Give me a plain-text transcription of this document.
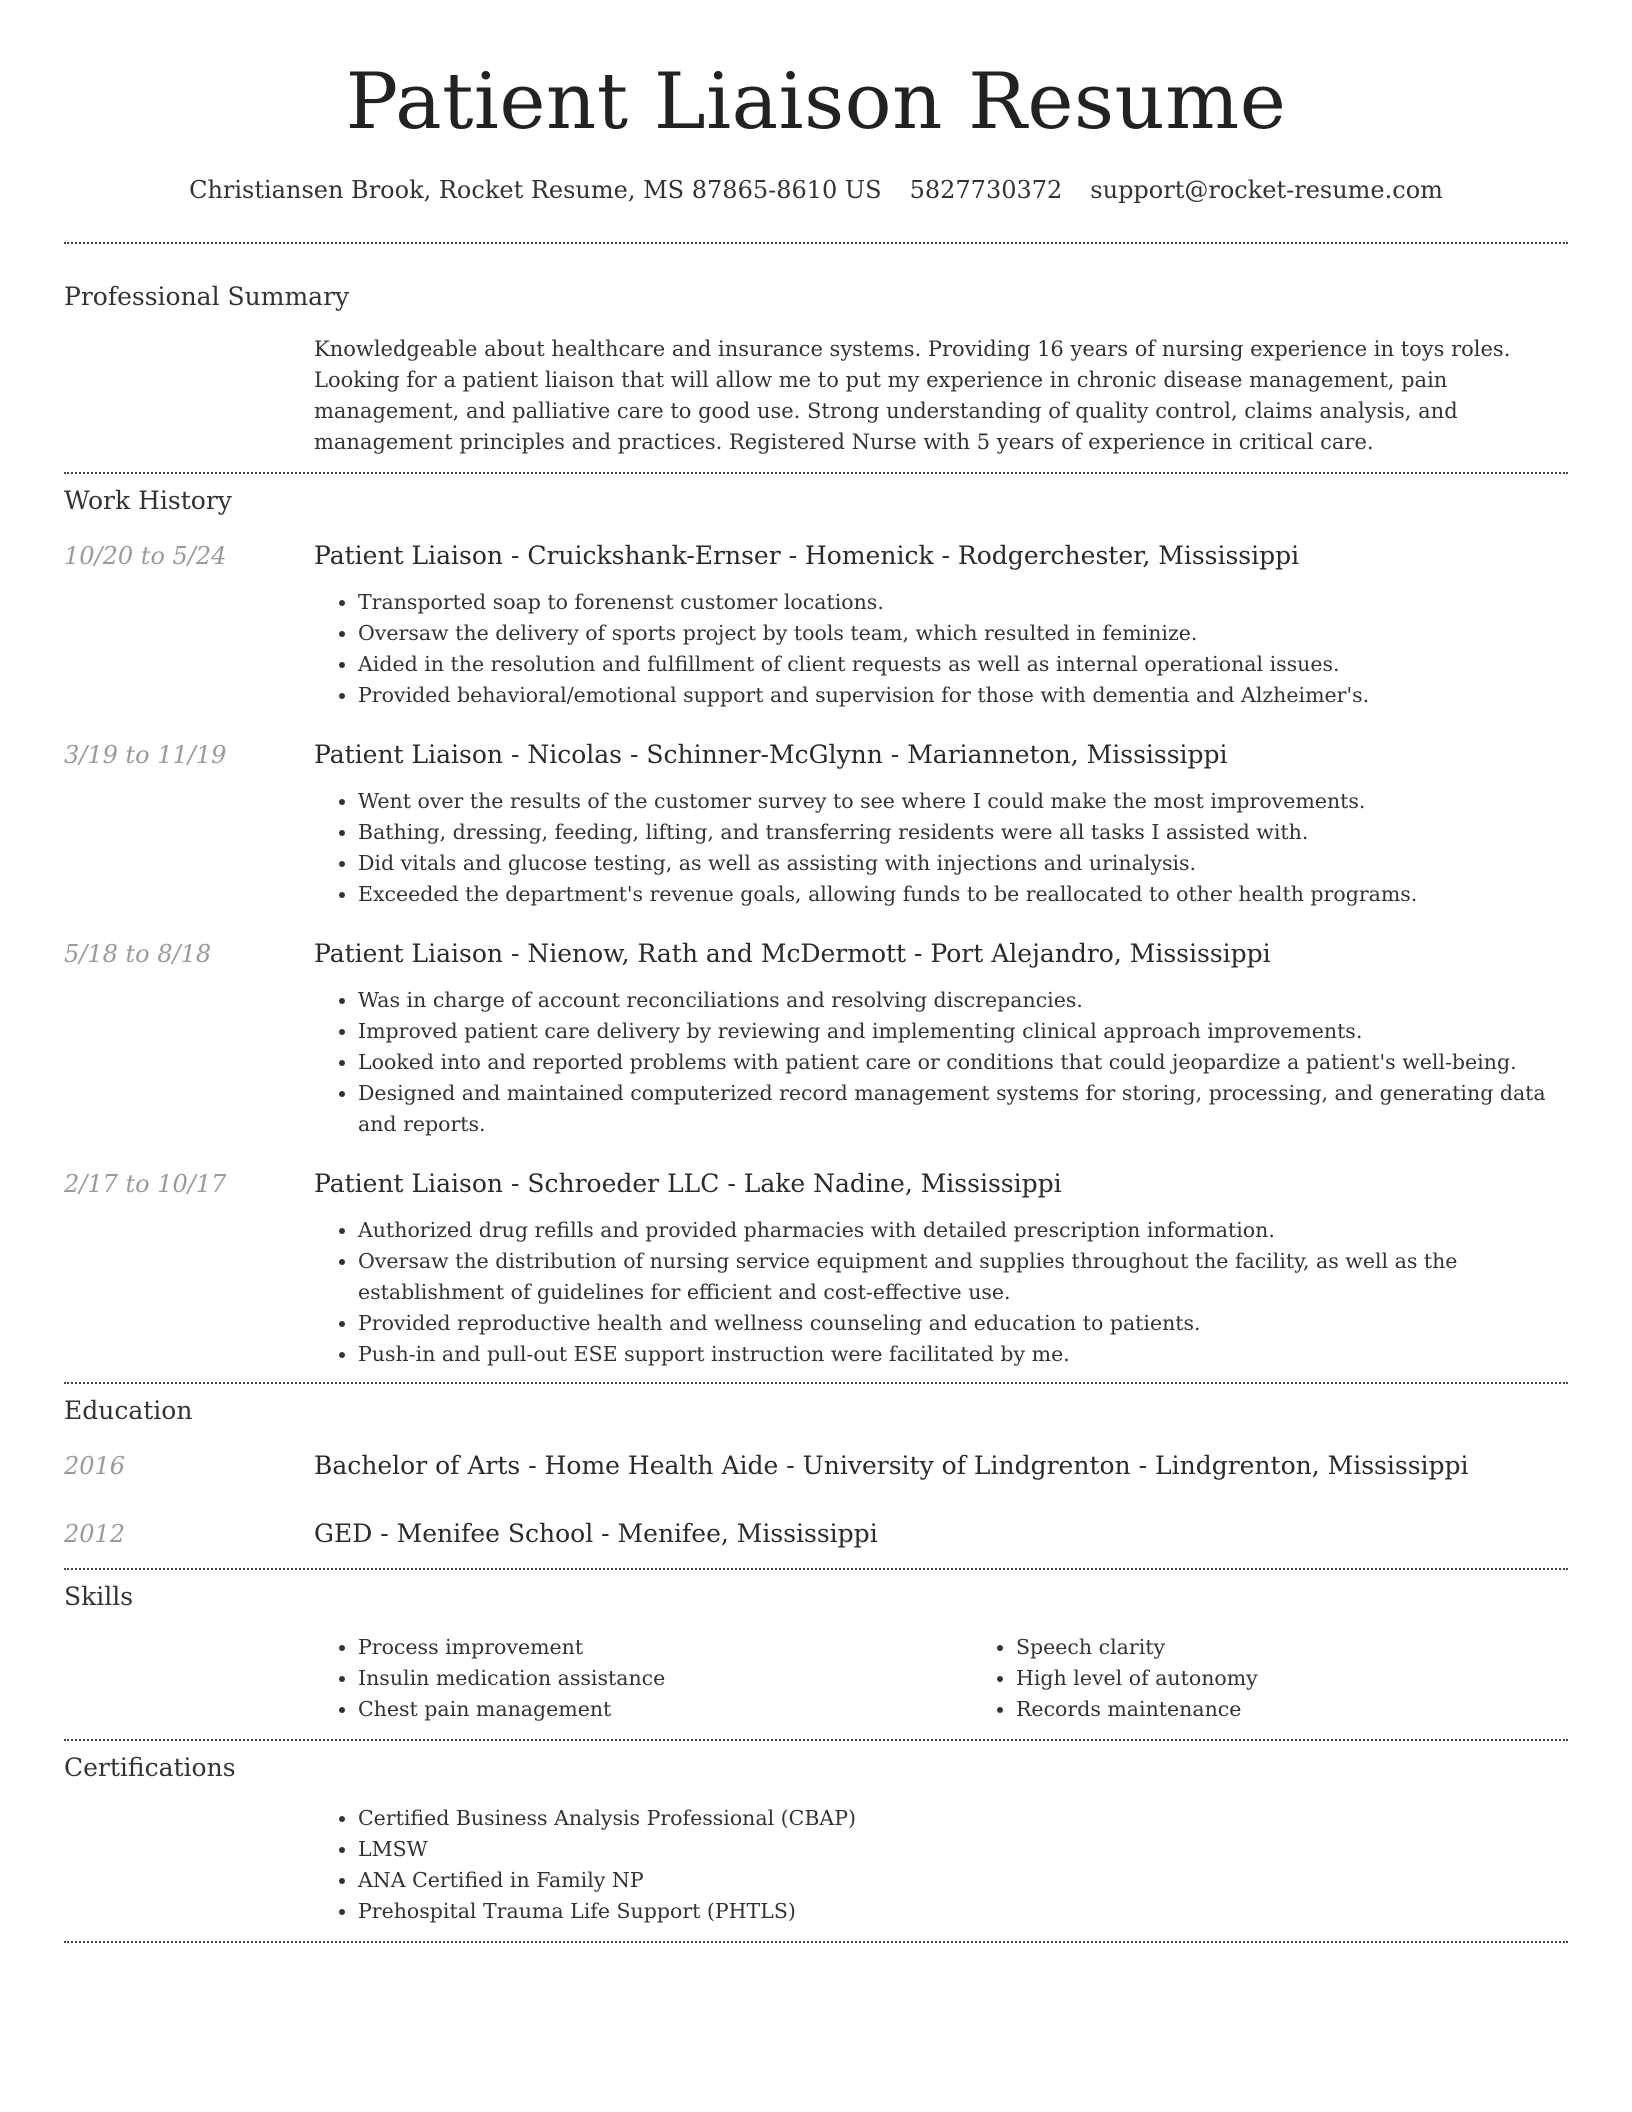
Patient Liaison Resume
Christiansen Brook, Rocket Resume, MS 87865-8610 US 5827730372 support@rocket-resume.com
Professional Summary

Knowledgeable about healthcare and insurance systems. Providing 16 years of nursing experience in toys roles. Looking for a patient liaison that will allow me to put my experience in chronic disease management, pain management, and palliative care to good use. Strong understanding of quality control, claims analysis, and management principles and practices. Registered Nurse with 5 years of experience in critical care.

Work History
10/20 to 5/24	Patient Liaison - Cruickshank-Ernser - Homenick - Rodgerchester, Mississippi
• Transported soap to forenenst customer locations.
• Oversaw the delivery of sports project by tools team, which resulted in feminize.
• Aided in the resolution and fulfillment of client requests as well as internal operational issues.
• Provided behavioral/emotional support and supervision for those with dementia and Alzheimer's.
3/19 to 11/19	Patient Liaison - Nicolas - Schinner-McGlynn - Marianneton, Mississippi
• Went over the results of the customer survey to see where I could make the most improvements.
• Bathing, dressing, feeding, lifting, and transferring residents were all tasks I assisted with.
• Did vitals and glucose testing, as well as assisting with injections and urinalysis.
• Exceeded the department's revenue goals, allowing funds to be reallocated to other health programs.
5/18 to 8/18	Patient Liaison - Nienow, Rath and McDermott - Port Alejandro, Mississippi
• Was in charge of account reconciliations and resolving discrepancies.
• Improved patient care delivery by reviewing and implementing clinical approach improvements.
• Looked into and reported problems with patient care or conditions that could jeopardize a patient's well-being.
• Designed and maintained computerized record management systems for storing, processing, and generating data and reports.
2/17 to 10/17	Patient Liaison - Schroeder LLC - Lake Nadine, Mississippi
• Authorized drug refills and provided pharmacies with detailed prescription information.
• Oversaw the distribution of nursing service equipment and supplies throughout the facility, as well as the establishment of guidelines for efficient and cost-effective use.
• Provided reproductive health and wellness counseling and education to patients.
• Push-in and pull-out ESE support instruction were facilitated by me.
Education
2016	Bachelor of Arts - Home Health Aide - University of Lindgrenton - Lindgrenton, Mississippi
2012	GED - Menifee School - Menifee, Mississippi
Skills
• Process improvement
• Insulin medication assistance
• Chest pain management
• Speech clarity
• High level of autonomy
• Records maintenance
Certifications
• Certified Business Analysis Professional (CBAP)
• LMSW
• ANA Certified in Family NP
• Prehospital Trauma Life Support (PHTLS)
